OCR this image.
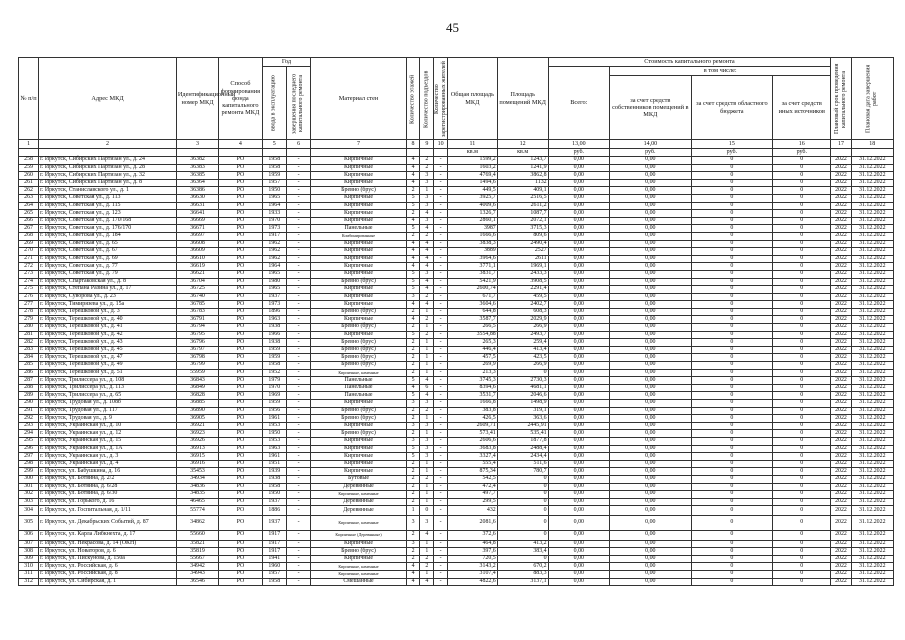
45
№ п/п	Адрес МКД	Идентификационный номер МКД	Способ формирования фонда капитального ремонта МКД	Год		Материал стен	Количество этажей	Количество подъездов	Количество зарегистрированных жителей	Общая площадь МКД	Площадь помещений МКД	Стоимость капитального ремонта				Плановый срок проведения капитального ремонта	Плановая дата завершения работ
				ввода в эксплуатацию	завершения последнего капитального ремонта							Всего:	в том числе:				
													за счет средств собственников помещений в МКД	за счет средств областного бюджета	за счет средств иных источников		
1	2	3	4	5	6	7	8	9	10	11	12	13,00	14,00	15	16	17	18
										кв.м	кв.м	руб.	руб.	руб.	руб.		
258	г. Иркутск, Сибирских Партизан ул., д. 24	36382	РО	1958	-	Кирпичные	4	2	-	1599,2	1243,7	0,00	0,00	0	0	2022	31.12.2022
259	г. Иркутск, Сибирских Партизан ул., д. 28	36383	РО	1958	-	Кирпичные	4	2	-	1603,2	1241,9	0,00	0,00	0	0	2022	31.12.2022
260	г. Иркутск, Сибирских Партизан ул., д. 32	36385	РО	1959	-	Кирпичные	4	3	-	4769,4	3862,8	0,00	0,00	0	0	2022	31.12.2022
261	г. Иркутск, Сибирских Партизан ул., д. 8	36364	РО	1957	-	Кирпичные	4	3	-	1494,6	1132	0,00	0,00	0	0	2022	31.12.2022
262	г. Иркутск, Станиславского ул., д. 1	36386	РО	1950	-	Бревно (брус)	2	1	-	449,5	409,1	0,00	0,00	0	0	2022	31.12.2022
263	г. Иркутск, Советская ул., д. 113	36630	РО	1965	-	Кирпичные	5	3	-	3925,7	2516,5	0,00	0,00	0	0	2022	31.12.2022
264	г. Иркутск, Советская ул., д. 115	36631	РО	1964	-	Кирпичные	5	3	-	4009,6	2611,2	0,00	0,00	0	0	2022	31.12.2022
265	г. Иркутск, Советская ул., д. 123	36641	РО	1933	-	Кирпичные	2	4	-	1326,7	1087,7	0,00	0,00	0	0	2022	31.12.2022
266	г. Иркутск, Советская ул., д. 170/168	36669	РО	1970	-	Кирпичные	4	3	-	2860,1	2072,1	0,00	0,00	0	0	2022	31.12.2022
267	г. Иркутск, Советская ул., д. 176/170	36671	РО	1973	-	Панельные	5	4	-	3987	3715,3	0,00	0,00	0	0	2022	31.12.2022
268	г. Иркутск, Советская ул., д. 184	36697	РО	1917	-	Комбинированные	2	2	-	1666,6	809,6	0,00	0,00	0	0	2022	31.12.2022
269	г. Иркутск, Советская ул., д. 65	36608	РО	1962	-	Кирпичные	4	4	-	3838,3	2490,4	0,00	0,00	0	0	2022	31.12.2022
270	г. Иркутск, Советская ул., д. 67	36609	РО	1962	-	Кирпичные	4	4	-	3889	2527	0,00	0,00	0	0	2022	31.12.2022
271	г. Иркутск, Советская ул., д. 69	36610	РО	1962	-	Кирпичные	4	4	-	3964,6	2611	0,00	0,00	0	0	2022	31.12.2022
272	г. Иркутск, Советская ул., д. 77	36619	РО	1964	-	Кирпичные	4	4	-	3771,1	1969,1	0,00	0,00	0	0	2022	31.12.2022
273	г. Иркутск, Советская ул., д. 79	36621	РО	1965	-	Кирпичные	5	3	-	3831,7	2433,3	0,00	0,00	0	0	2022	31.12.2022
274	г. Иркутск, Спартаковская ул., д. 8	36704	РО	1980	-	Бревно (брус)	5	4	-	5421,9	3908,5	0,00	0,00	0	0	2022	31.12.2022
275	г. Иркутск, Степана Разина ул., д. 17	36725	РО	1965	-	Кирпичные	5	4	-	2600,74	2291,4	0,00	0,00	0	0	2022	31.12.2022
276	г. Иркутск, Суворова ул., д. 23	36740	РО	1937	-	Кирпичные	3	2	-	671,7	459,5	0,00	0,00	0	0	2022	31.12.2022
277	г. Иркутск, Тимирязева ул., д. 15а	36785	РО	1973	-	Кирпичные	4	4	-	3604,6	2402,7	0,00	0,00	0	0	2022	31.12.2022
278	г. Иркутск, Терешковой ул., д. 3	36783	РО	1896	-	Бревно (брус)	2	1	-	644,8	608,3	0,00	0,00	0	0	2022	31.12.2022
279	г. Иркутск, Терешковой ул., д. 40	36791	РО	1963	-	Кирпичные	4	2	-	3587,7	2029,9	0,00	0,00	0	0	2022	31.12.2022
280	г. Иркутск, Терешковой ул., д. 41	36794	РО	1938	-	Бревно (брус)	2	1	-	266,5	266,9	0,00	0,00	0	0	2022	31.12.2022
281	г. Иркутск, Терешковой ул., д. 42	36795	РО	1966	-	Кирпичные	5	2	-	3554,88	2493,7	0,00	0,00	0	0	2022	31.12.2022
282	г. Иркутск, Терешковой ул., д. 43	36796	РО	1938	-	Бревно (брус)	2	1	-	265,3	259,4	0,00	0,00	0	0	2022	31.12.2022
283	г. Иркутск, Терешковой ул., д. 45	36797	РО	1959	-	Бревно (брус)	2	1	-	446,4	413,4	0,00	0,00	0	0	2022	31.12.2022
284	г. Иркутск, Терешковой ул., д. 47	36798	РО	1959	-	Бревно (брус)	2	1	-	457,5	423,5	0,00	0,00	0	0	2022	31.12.2022
285	г. Иркутск, Терешковой ул., д. 49	36799	РО	1958	-	Бревно (брус)	2	1	-	269,9	266,9	0,00	0,00	0	0	2022	31.12.2022
286	г. Иркутск, Терешковой ул., д. 51	55959	РО	1952	-	Кирпичные, каменные	2	1	-	213,3	0	0,00	0,00	0	0	2022	31.12.2022
287	г. Иркутск, Трилиссера ул., д. 108	36843	РО	1979	-	Панельные	5	4	-	3745,3	2730,3	0,00	0,00	0	0	2022	31.12.2022
288	г. Иркутск, Трилиссера ул., д. 113	36849	РО	1970	-	Панельные	4	6	-	8394,6	4681,1	0,00	0,00	0	0	2022	31.12.2022
289	г. Иркутск, Трилиссера ул., д. 65	36828	РО	1969	-	Панельные	5	4	-	3531,7	2046,6	0,00	0,00	0	0	2022	31.12.2022
290	г. Иркутск, Трудовая ул., д. 108б	36885	РО	1959	-	Кирпичные	3	3	-	1666,8	1498,9	0,00	0,00	0	0	2022	31.12.2022
291	г. Иркутск, Трудовая ул., д. 117	36890	РО	1956	-	Бревно (брус)	2	2	-	383,8	319,1	0,00	0,00	0	0	2022	31.12.2022
292	г. Иркутск, Трудовая ул., д. 9	36905	РО	1961	-	Бревно (брус)	2	1	-	426,5	363,6	0,00	0,00	0	0	2022	31.12.2022
293	г. Иркутск, Украинская ул., д. 10	36921	РО	1953	-	Кирпичные	3	3	-	2609,71	2445,91	0,00	0,00	0	0	2022	31.12.2022
294	г. Иркутск, Украинская ул., д. 12	36923	РО	1950	-	Бревно (брус)	2	1	-	573,41	535,41	0,00	0,00	0	0	2022	31.12.2022
295	г. Иркутск, Украинская ул., д. 15	36926	РО	1953	-	Кирпичные	3	3	-	2606,6	1877,8	0,00	0,00	0	0	2022	31.12.2022
296	г. Иркутск, Украинская ул., д. 1А	36913	РО	1963	-	Кирпичные	5	3	-	3683,8	2488,4	0,00	0,00	0	0	2022	31.12.2022
297	г. Иркутск, Украинская ул., д. 3	36915	РО	1961	-	Кирпичные	5	3	-	3327,4	2434,4	0,00	0,00	0	0	2022	31.12.2022
298	г. Иркутск, Украинская ул., д. 4	36916	РО	1951	-	Кирпичные	2	1	-	555,4	511,6	0,00	0,00	0	0	2022	31.12.2022
299	г. Иркутск, ул. Бабушкина, д. 16	35453	РО	1939	-	Кирпичные	2	1	-	875,34	780,7	0,00	0,00	0	0	2022	31.12.2022
300	г. Иркутск, ул. Ботвина, д. 2/2	34934	РО	1938	-	Бутовые	2	2	-	542,5	0	0,00	0,00	0	0	2022	31.12.2022
301	г. Иркутск, ул. Ботвина, д. 6/28	34836	РО	1958	-	Деревянные	2	1	-	472,4	0	0,00	0,00	0	0	2022	31.12.2022
302	г. Иркутск, ул. Ботвина, д. 6/30	34835	РО	1950	-	Кирпичные, каменные	2	1	-	497,7	0	0,00	0,00	0	0	2022	31.12.2022
303	г. Иркутск, ул. Горького, д. 16	46465	РО	1937	-	Деревянные	2	1	-	299,5	0	0,00	0,00	0	0	2022	31.12.2022
304	г. Иркутск, ул. Госпитальная, д. 1/11	55774	РО	1886	-	Деревянные	1	0	-	432	0	0,00	0,00	0	0	2022	31.12.2022
305	г. Иркутск, ул. Декабрьских Событий, д. 87	34862	РО	1937	-	Кирпичные, каменные	3	3	-	2081,6	0	0,00	0,00	0	0	2022	31.12.2022
306	г. Иркутск, ул. Карла Либкнехта, д. 17	55660	РО	1917	-	Кирпичные (Деревянные)	2	4	-	372,6	0	0,00	0,00	0	0	2022	31.12.2022
307	г. Иркутск, ул. Некрасова, д. 14 (ОКН)	35821	РО	1917	-	Кирпичные	3	1	-	464,8	413,2	0,00	0,00	0	0	2022	31.12.2022
308	г. Иркутск, ул. Новаторов, д. 6	35819	РО	1917	-	Бревно (брус)	2	1	-	397,6	383,4	0,00	0,00	0	0	2022	31.12.2022
309	г. Иркутск, ул. Пискунова, д. 150а	55667	РО	1941	-	Кирпичные	2	2	-	720,5	0	0,00	0,00	0	0	2022	31.12.2022
310	г. Иркутск, ул. Российская, д. 6	34942	РО	1960	-	Кирпичные, каменные	4	2	-	3143,2	670,2	0,00	0,00	0	0	2022	31.12.2022
311	г. Иркутск, ул. Российская, д. 8	34943	РО	1957	-	Кирпичные, каменные	4	1	-	3107,4	883,3	0,00	0,00	0	0	2022	31.12.2022
312	г. Иркутск, ул. Сибирская, д. 1	36546	РО	1958	-	Смешанные	4	4	-	4822,6	3137,1	0,00	0,00	0	0	2022	31.12.2022
